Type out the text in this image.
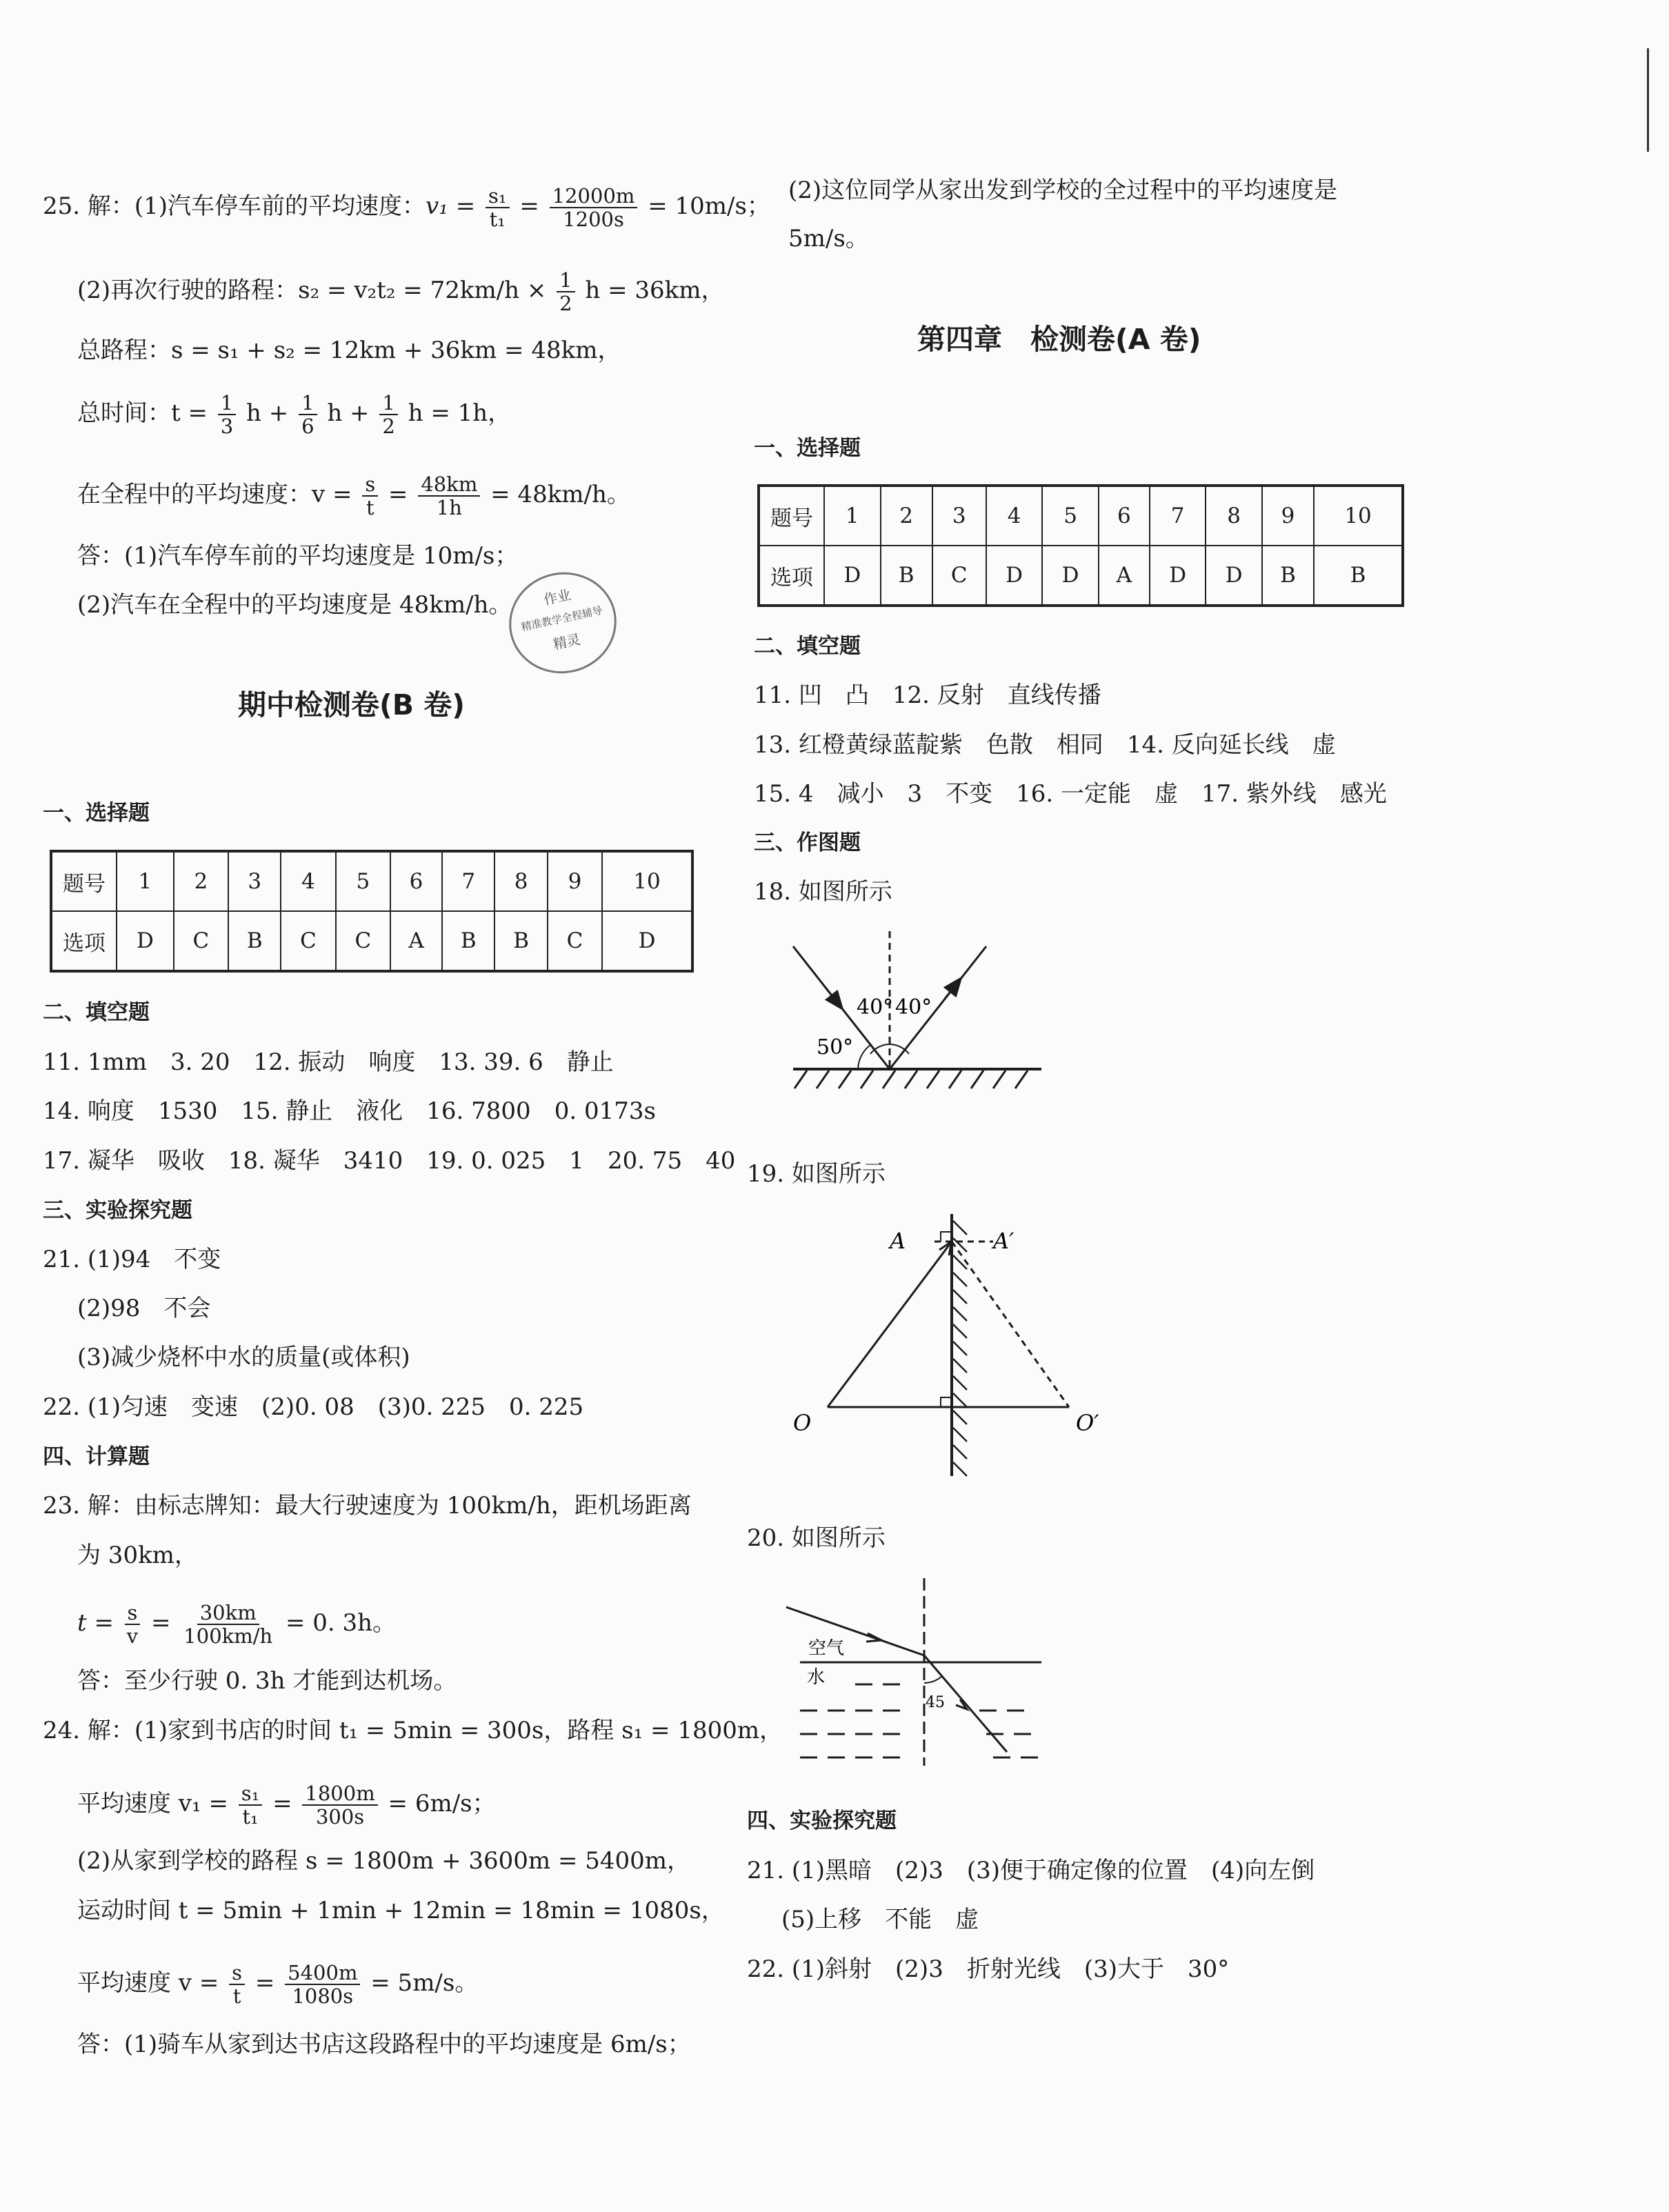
25. 解：(1)汽车停车前的平均速度：$v_1 = \frac{\text{s₁}}{\text{t₁}} = \frac{12000m}{1200s} = 10m/s$；
(2)再次行驶的路程：$s_2 = v_2t_2 = 72km/h \times \frac{1}{2}$ h = 36km，
总路程：s = s₁ + s₂ = 12km + 36km = 48km，
总时间：$t = \frac{1}{3}$ $h + \frac{1}{6}$ $h + \frac{1}{2}$ h = 1h，
在全程中的平均速度：$v = \frac{s}{t} = \frac{48km}{1h} = 48km/h$。
答：(1)汽车停车前的平均速度是 10m/s；
(2)汽车在全程中的平均速度是 48km/h。	作业
精准教学全程辅导
精灵
期中检测卷(B 卷)
一、选择题
题号	1	2	3	4	5	6	7	8	9	10
选项	D	C	B	C	C	A	B	B	C	D
二、填空题
11. 1mm　3. 20　12. 振动　响度　13. 39. 6　静止
14. 响度　1530　15. 静止　液化　16. 7800　0. 0173s
17. 凝华　吸收　18. 凝华　3410　19. 0. 025　1　20. 75　40
三、实验探究题
21. (1)94　不变
(2)98　不会
(3)减少烧杯中水的质量(或体积)
22. (1)匀速　变速　(2)0. 08　(3)0. 225　0. 225
四、计算题
23. 解：由标志牌知：最大行驶速度为 100km/h，距机场距离
为 30km，
$t = \frac{s}{v} = \frac{30km}{100km/h} = 0$. 3h。
答：至少行驶 0. 3h 才能到达机场。
24. 解：(1)家到书店的时间 t₁ = 5min = 300s，路程 s₁ = 1800m，
平均速度 $v_1 = \frac{\text{s₁}}{\text{t₁}} = \frac{1800m}{300s} = 6m/s$；
(2)从家到学校的路程 s = 1800m + 3600m = 5400m，
运动时间 t = 5min + 1min + 12min = 18min = 1080s，
平均速度 $v = \frac{s}{t} = \frac{5400m}{1080s} = 5m/s$。
答：(1)骑车从家到达书店这段路程中的平均速度是 6m/s；
(2)这位同学从家出发到学校的全过程中的平均速度是
5m/s。
第四章　检测卷(A 卷)
一、选择题
题号	1	2	3	4	5	6	7	8	9	10
选项	D	B	C	D	D	A	D	D	B	B
二、填空题
11. 凹　凸　12. 反射　直线传播
13. 红橙黄绿蓝靛紫　色散　相同　14. 反向延长线　虚
15. 4　减小　3　不变　16. 一定能　虚　17. 紫外线　感光
三、作图题
18. 如图所示
40° 40°
50°
19. 如图所示
A	A′
O	O′
20. 如图所示
空气
水
45
四、实验探究题
21. (1)黑暗　(2)3　(3)便于确定像的位置　(4)向左倒
(5)上移　不能　虚
22. (1)斜射　(2)3　折射光线　(3)大于　30°
